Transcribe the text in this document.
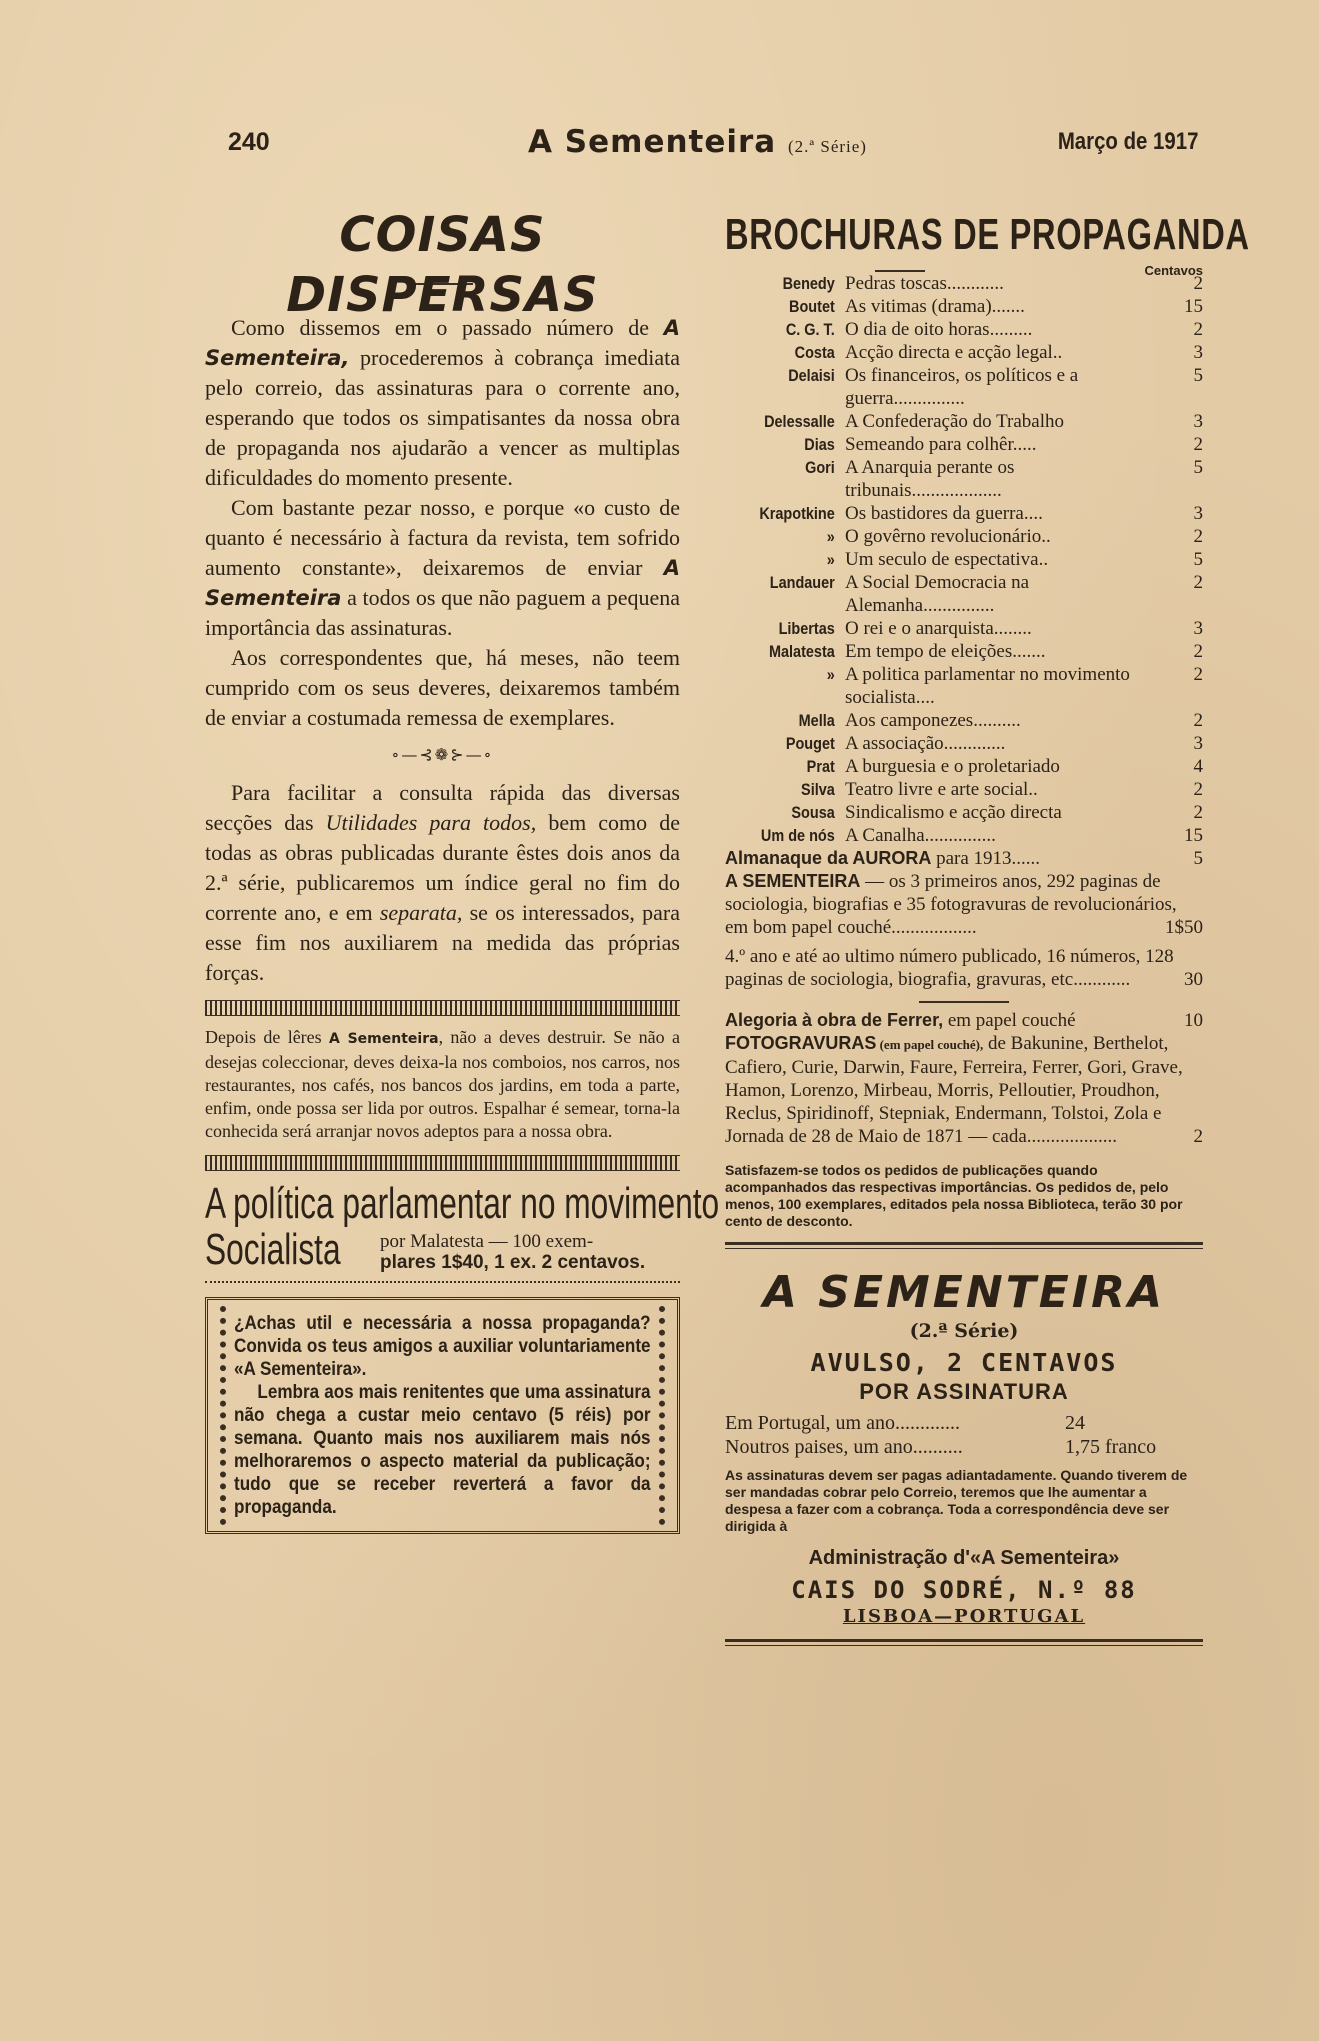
240	A Sementeira (2.ª Série)	Março de 1917
COISAS DISPERSAS

Como dissemos em o passado número de A Sementeira, procederemos à cobrança imediata pelo correio, das assinaturas para o corrente ano, esperando que todos os simpatisantes da nossa obra de propaganda nos ajudarão a vencer as multiplas dificuldades do momento presente.

Com bastante pezar nosso, e porque «o custo de quanto é necessário à factura da revista, tem sofrido aumento constante», deixaremos de enviar A Sementeira a todos os que não paguem a pequena importância das assinaturas.

Aos correspondentes que, há meses, não teem cumprido com os seus deveres, deixaremos também de enviar a costumada remessa de exemplares.

∘—⊰❁⊱—∘

Para facilitar a consulta rápida das diversas secções das Utilidades para todos, bem como de todas as obras publicadas durante êstes dois anos da 2.ª série, publicaremos um índice geral no fim do corrente ano, e em separata, se os interessados, para esse fim nos auxiliarem na medida das próprias forças.

Depois de lêres A Sementeira, não a deves destruir. Se não a desejas coleccionar, deves deixa-la nos comboios, nos carros, nos restaurantes, nos cafés, nos bancos dos jardins, em toda a parte, enfim, onde possa ser lida por outros. Espalhar é semear, torna-la conhecida será arranjar novos adeptos para a nossa obra.
A política parlamentar no movimento
Socialista por Malatesta — 100 exem-
plares 1$40, 1 ex. 2 centavos.

¿Achas util e necessária a nossa propaganda? Convida os teus amigos a auxiliar voluntariamente «A Sementeira».

Lembra aos mais renitentes que uma assinatura não chega a custar meio centavo (5 réis) por semana. Quanto mais nos auxiliarem mais nós melhoraremos o aspecto material da publicação; tudo que se receber reverterá a favor da propaganda.

BROCHURAS DE PROPAGANDA
Centavos
Benedy	Pedras toscas............	2
Boutet	As vitimas (drama).......	15
C. G. T.	O dia de oito horas.........	2
Costa	Acção directa e acção legal..	3
Delaisi	Os financeiros, os políticos e a guerra...............	5
Delessalle	A Confederação do Trabalho	3
Dias	Semeando para colhêr.....	2
Gori	A Anarquia perante os tribunais...................	5
Krapotkine	Os bastidores da guerra....	3
»	O govêrno revolucionário..	2
»	Um seculo de espectativa..	5
Landauer	A Social Democracia na Alemanha...............	2
Libertas	O rei e o anarquista........	3
Malatesta	Em tempo de eleições.......	2
»	A politica parlamentar no movimento socialista....	2
Mella	Aos camponezes..........	2
Pouget	A associação.............	3
Prat	A burguesia e o proletariado	4
Silva	Teatro livre e arte social..	2
Sousa	Sindicalismo e acção directa	2
Um de nós	A Canalha...............	15
Almanaque da AURORA para 1913......	5
A SEMENTEIRA — os 3 primeiros anos, 292 paginas de sociologia, biografias e 35 fotogravuras de revolucionários, em bom papel couché..................	1$50
4.º ano e até ao ultimo número publicado, 16 números, 128 paginas de sociologia, biografia, gravuras, etc............	30
Alegoria à obra de Ferrer, em papel couché	10
FOTOGRAVURAS (em papel couché), de Bakunine, Berthelot, Cafiero, Curie, Darwin, Faure, Ferreira, Ferrer, Gori, Grave, Hamon, Lorenzo, Mirbeau, Morris, Pelloutier, Proudhon, Reclus, Spiridinoff, Stepniak, Endermann, Tolstoi, Zola e Jornada de 28 de Maio de 1871 — cada...................	2
Satisfazem-se todos os pedidos de publicações quando acompanhados das respectivas importâncias. Os pedidos de, pelo menos, 100 exemplares, editados pela nossa Biblioteca, terão 30 por cento de desconto.
A SEMENTEIRA
(2.ª Série)
AVULSO, 2 CENTAVOS
POR ASSINATURA
Em Portugal, um ano.............	24
Noutros paises, um ano..........	1,75 franco
As assinaturas devem ser pagas adiantadamente. Quando tiverem de ser mandadas cobrar pelo Correio, teremos que lhe aumentar a despesa a fazer com a cobrança. Toda a correspondência deve ser dirigida à
Administração d'«A Sementeira»
CAIS DO SODRÉ, N.º 88
LISBOA—PORTUGAL
